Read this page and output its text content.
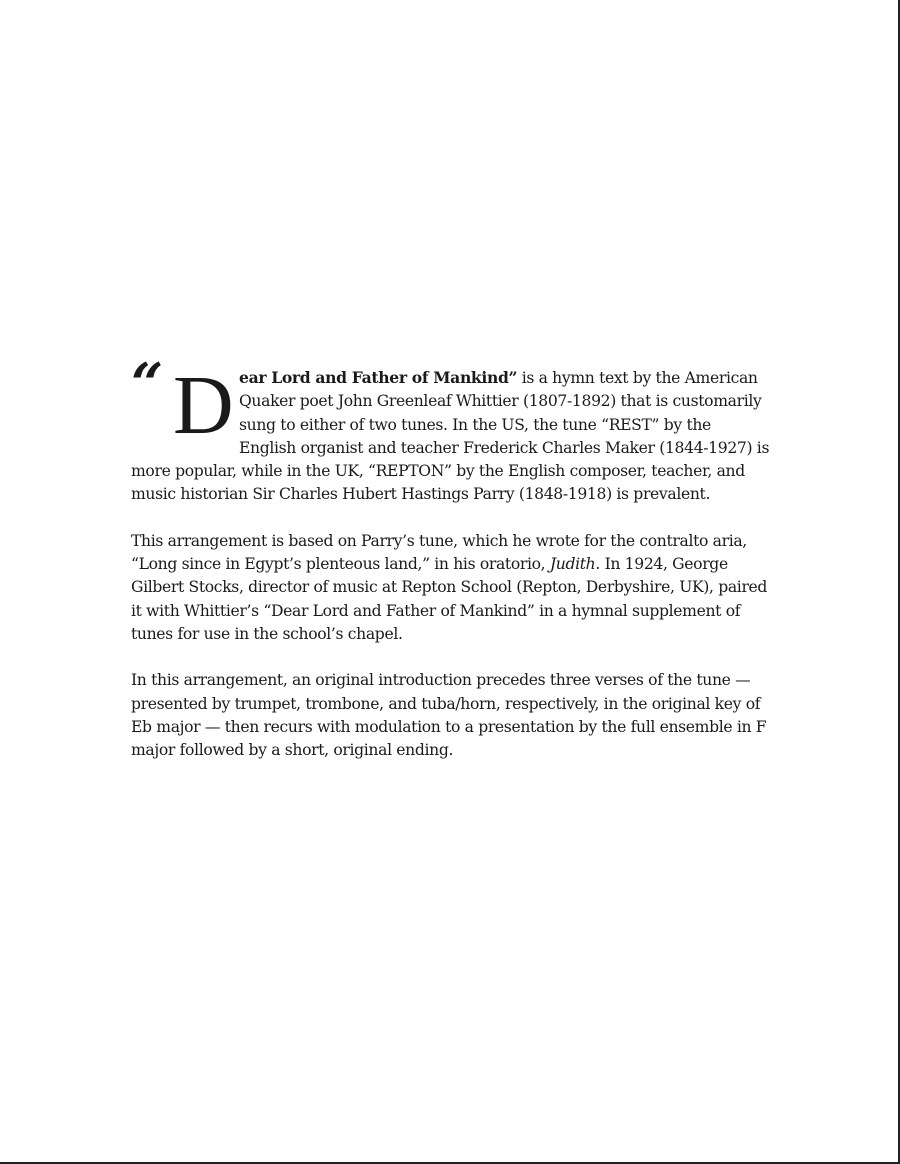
“ D ear Lord and Father of Mankind” is a hymn text by the American Quaker poet John Greenleaf Whittier (1807-1892) that is customarily sung to either of two tunes. In the US, the tune “REST” by the English organist and teacher Frederick Charles Maker (1844-1927) is more popular, while in the UK, “REPTON” by the English composer, teacher, and music historian Sir Charles Hubert Hastings Parry (1848-1918) is prevalent.

This arrangement is based on Parry’s tune, which he wrote for the contralto aria, “Long since in Egypt’s plenteous land,” in his oratorio, Judith. In 1924, George Gilbert Stocks, director of music at Repton School (Repton, Derbyshire, UK), paired it with Whittier’s “Dear Lord and Father of Mankind” in a hymnal supplement of tunes for use in the school’s chapel.

In this arrangement, an original introduction precedes three verses of the tune — presented by trumpet, trombone, and tuba/horn, respectively, in the original key of Eb major — then recurs with modulation to a presentation by the full ensemble in F major followed by a short, original ending.
